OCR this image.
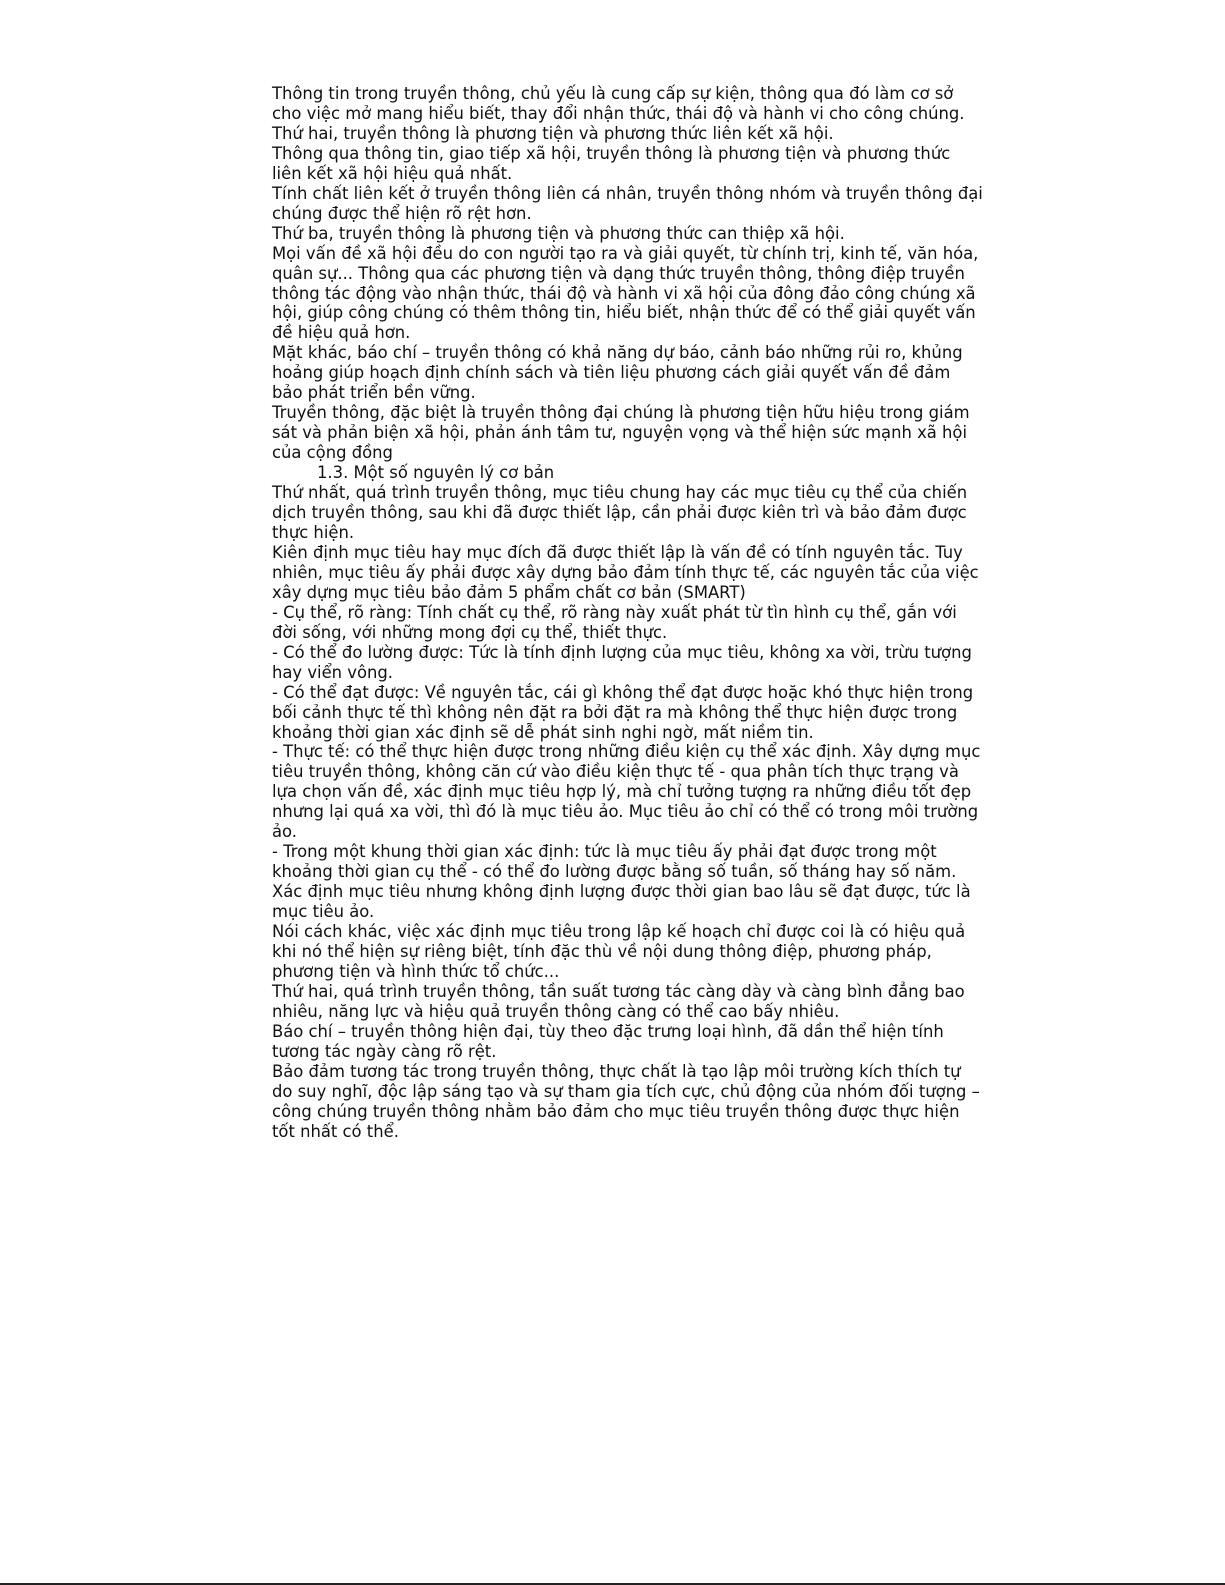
Thông tin trong truyền thông, chủ yếu là cung cấp sự kiện, thông qua đó làm cơ sở cho việc mở mang hiểu biết, thay đổi nhận thức, thái độ và hành vi cho công chúng.

Thứ hai, truyền thông là phương tiện và phương thức liên kết xã hội.

Thông qua thông tin, giao tiếp xã hội, truyền thông là phương tiện và phương thức liên kết xã hội hiệu quả nhất.

Tính chất liên kết ở truyền thông liên cá nhân, truyền thông nhóm và truyền thông đại chúng được thể hiện rõ rệt hơn.

Thứ ba, truyền thông là phương tiện và phương thức can thiệp xã hội.

Mọi vấn đề xã hội đều do con người tạo ra và giải quyết, từ chính trị, kinh tế, văn hóa, quân sự... Thông qua các phương tiện và dạng thức truyền thông, thông điệp truyền thông tác động vào nhận thức, thái độ và hành vi xã hội của đông đảo công chúng xã hội, giúp công chúng có thêm thông tin, hiểu biết, nhận thức để có thể giải quyết vấn đề hiệu quả hơn.

Mặt khác, báo chí – truyền thông có khả năng dự báo, cảnh báo những rủi ro, khủng hoảng giúp hoạch định chính sách và tiên liệu phương cách giải quyết vấn đề đảm bảo phát triển bền vững.

Truyền thông, đặc biệt là truyền thông đại chúng là phương tiện hữu hiệu trong giám sát và phản biện xã hội, phản ánh tâm tư, nguyện vọng và thể hiện sức mạnh xã hội của cộng đồng

1.3. Một số nguyên lý cơ bản

Thứ nhất, quá trình truyền thông, mục tiêu chung hay các mục tiêu cụ thể của chiến dịch truyền thông, sau khi đã được thiết lập, cần phải được kiên trì và bảo đảm được thực hiện.

Kiên định mục tiêu hay mục đích đã được thiết lập là vấn đề có tính nguyên tắc. Tuy nhiên, mục tiêu ấy phải được xây dựng bảo đảm tính thực tế, các nguyên tắc của việc xây dựng mục tiêu bảo đảm 5 phẩm chất cơ bản (SMART)

- Cụ thể, rõ ràng: Tính chất cụ thể, rõ ràng này xuất phát từ tìn hình cụ thể, gắn với đời sống, với những mong đợi cụ thể, thiết thực.

- Có thể đo lường được: Tức là tính định lượng của mục tiêu, không xa vời, trừu tượng hay viển vông.

- Có thể đạt được: Về nguyên tắc, cái gì không thể đạt được hoặc khó thực hiện trong bối cảnh thực tế thì không nên đặt ra bởi đặt ra mà không thể thực hiện được trong khoảng thời gian xác định sẽ dễ phát sinh nghi ngờ, mất niềm tin.

- Thực tế: có thể thực hiện được trong những điều kiện cụ thể xác định. Xây dựng mục tiêu truyền thông, không căn cứ vào điều kiện thực tế - qua phân tích thực trạng và lựa chọn vấn đề, xác định mục tiêu hợp lý, mà chỉ tưởng tượng ra những điều tốt đẹp nhưng lại quá xa vời, thì đó là mục tiêu ảo. Mục tiêu ảo chỉ có thể có trong môi trường ảo.

- Trong một khung thời gian xác định: tức là mục tiêu ấy phải đạt được trong một khoảng thời gian cụ thể - có thể đo lường được bằng số tuần, số tháng hay số năm. Xác định mục tiêu nhưng không định lượng được thời gian bao lâu sẽ đạt được, tức là mục tiêu ảo.

Nói cách khác, việc xác định mục tiêu trong lập kế hoạch chỉ được coi là có hiệu quả khi nó thể hiện sự riêng biệt, tính đặc thù về nội dung thông điệp, phương pháp, phương tiện và hình thức tổ chức...

Thứ hai, quá trình truyền thông, tần suất tương tác càng dày và càng bình đẳng bao nhiêu, năng lực và hiệu quả truyền thông càng có thể cao bấy nhiêu.

Báo chí – truyền thông hiện đại, tùy theo đặc trưng loại hình, đã dần thể hiện tính tương tác ngày càng rõ rệt.

Bảo đảm tương tác trong truyền thông, thực chất là tạo lập môi trường kích thích tự do suy nghĩ, độc lập sáng tạo và sự tham gia tích cực, chủ động của nhóm đối tượng – công chúng truyền thông nhằm bảo đảm cho mục tiêu truyền thông được thực hiện tốt nhất có thể.
